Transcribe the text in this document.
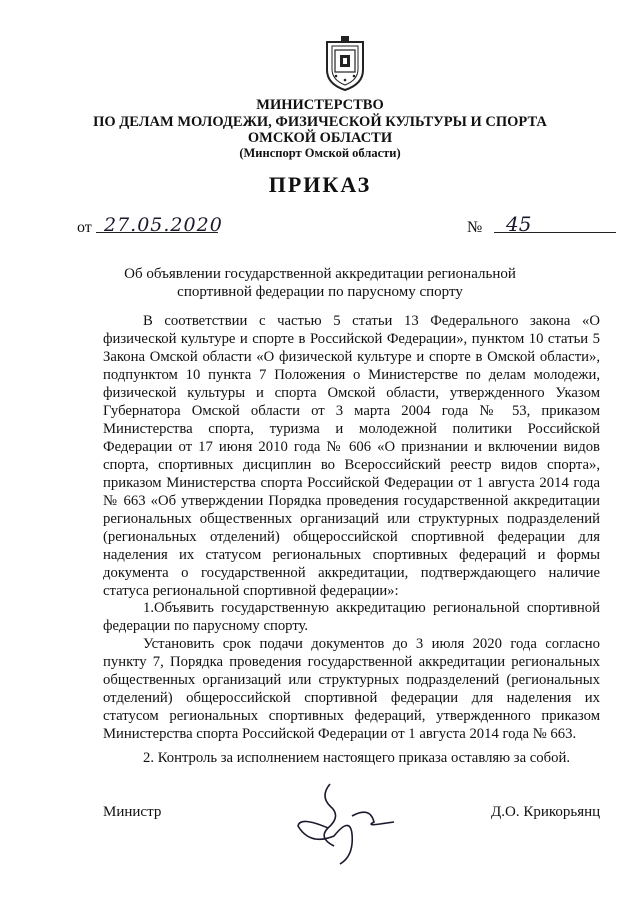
МИНИСТЕРСТВО
ПО ДЕЛАМ МОЛОДЕЖИ, ФИЗИЧЕСКОЙ КУЛЬТУРЫ И СПОРТА
ОМСКОЙ ОБЛАСТИ
(Минспорт Омской области)
ПРИКАЗ
от 27.05.2020	№ 45
Об объявлении государственной аккредитации региональной спортивной федерации по парусному спорту
В соответствии с частью 5 статьи 13 Федерального закона «О физической культуре и спорте в Российской Федерации», пунктом 10 статьи 5 Закона Омской области «О физической культуре и спорте в Омской области», подпунктом 10 пункта 7 Положения о Министерстве по делам молодежи, физической культуры и спорта Омской области, утвержденного Указом Губернатора Омской области от 3 марта 2004 года № 53, приказом Министерства спорта, туризма и молодежной политики Российской Федерации от 17 июня 2010 года № 606 «О признании и включении видов спорта, спортивных дисциплин во Всероссийский реестр видов спорта», приказом Министерства спорта Российской Федерации от 1 августа 2014 года № 663 «Об утверждении Порядка проведения государственной аккредитации региональных общественных организаций или структурных подразделений (региональных отделений) общероссийской спортивной федерации для наделения их статусом региональных спортивных федераций и формы документа о государственной аккредитации, подтверждающего наличие статуса региональной спортивной федерации»:
1.Объявить государственную аккредитацию региональной спортивной федерации по парусному спорту.
Установить срок подачи документов до 3 июля 2020 года согласно пункту 7, Порядка проведения государственной аккредитации региональных общественных организаций или структурных подразделений (региональных отделений) общероссийской спортивной федерации для наделения их статусом региональных спортивных федераций, утвержденного приказом Министерства спорта Российской Федерации от 1 августа 2014 года № 663.
2. Контроль за исполнением настоящего приказа оставляю за собой.
Министр	Д.О. Крикорьянц
